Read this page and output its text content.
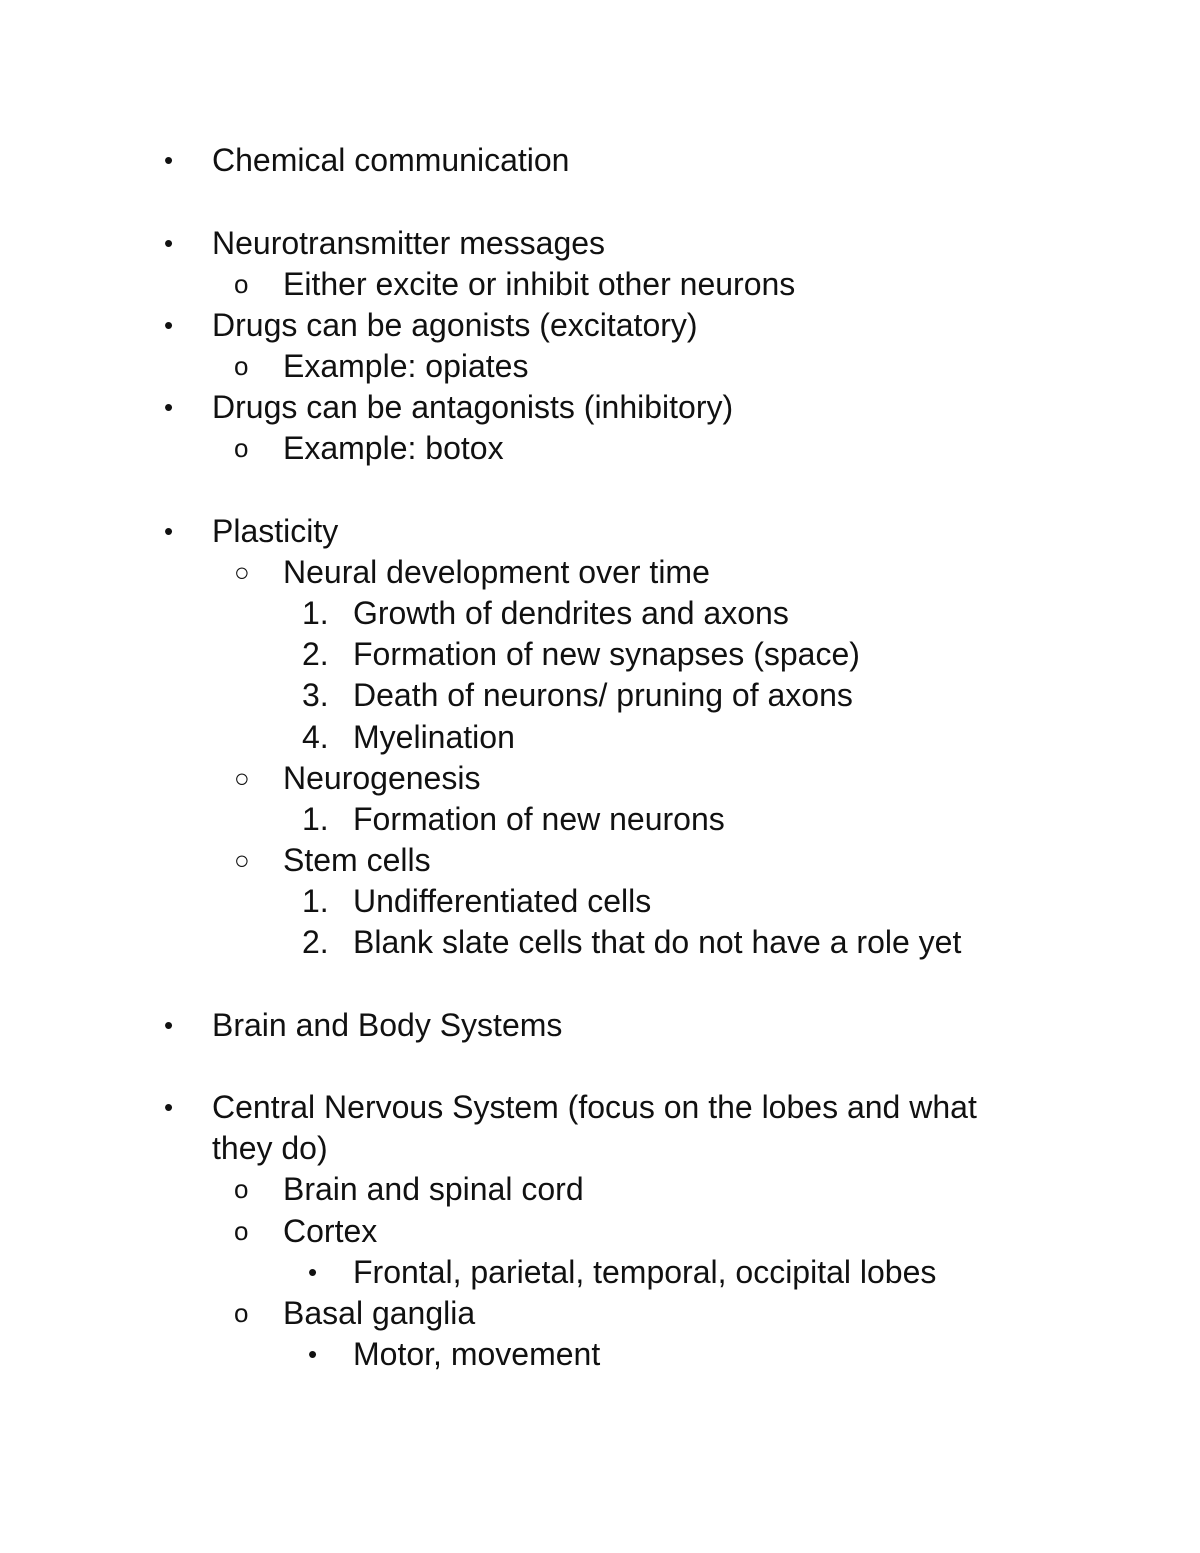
• Chemical communication
• Neurotransmitter messages
o Either excite or inhibit other neurons
• Drugs can be agonists (excitatory)
o Example: opiates
• Drugs can be antagonists (inhibitory)
o Example: botox
• Plasticity
○ Neural development over time
1. Growth of dendrites and axons
2. Formation of new synapses (space)
3. Death of neurons/ pruning of axons
4. Myelination
○ Neurogenesis
1. Formation of new neurons
○ Stem cells
1. Undifferentiated cells
2. Blank slate cells that do not have a role yet
• Brain and Body Systems
• Central Nervous System (focus on the lobes and what
they do)
o Brain and spinal cord
o Cortex
• Frontal, parietal, temporal, occipital lobes
o Basal ganglia
• Motor, movement
